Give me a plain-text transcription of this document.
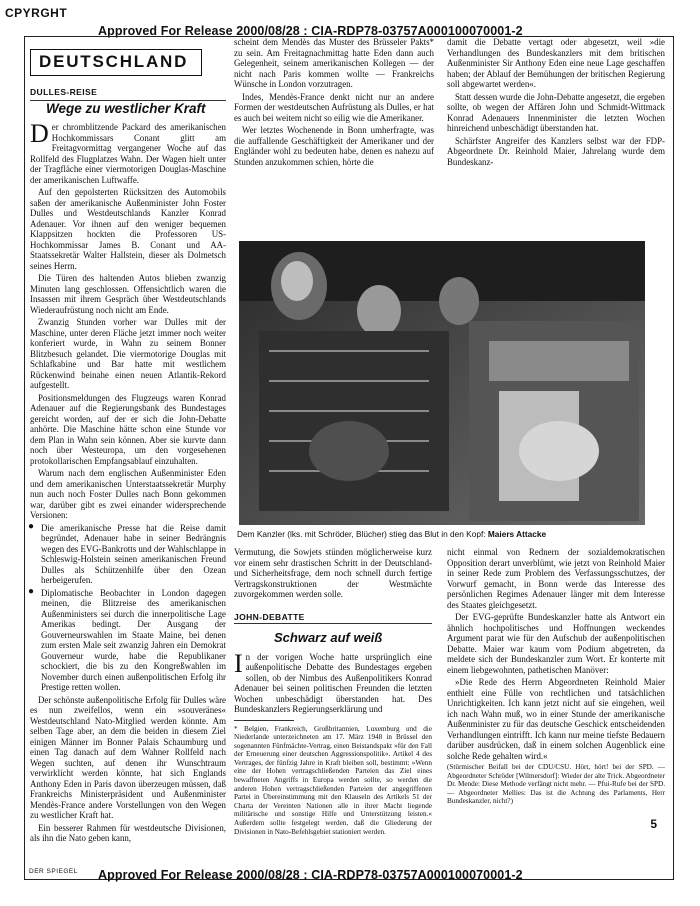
CPYRGHT
Approved For Release 2000/08/28 : CIA-RDP78-03757A000100070001-2
DEUTSCHLAND
DULLES-REISE
Wege zu westlicher Kraft

Der chromblitzende Packard des amerikanischen Hochkommissars Conant glitt am Freitagvormittag vergangener Woche auf das Rollfeld des Flugplatzes Wahn. Der Wagen hielt unter der Tragfläche einer viermotorigen Douglas-Maschine der amerikanischen Luftwaffe.

Auf den gepolsterten Rücksitzen des Automobils saßen der amerikanische Außenminister John Foster Dulles und Westdeutschlands Kanzler Konrad Adenauer. Vor ihnen auf den weniger bequemen Klappsitzen hockten die Professoren US-Hochkommissar James B. Conant und AA-Staatssekretär Walter Hallstein, dieser als Dolmetsch seines Herrn.

Die Türen des haltenden Autos blieben zwanzig Minuten lang geschlossen. Offensichtlich waren die Insassen mit ihrem Gespräch über Westdeutschlands Wiederaufrüstung noch nicht am Ende.

Zwanzig Stunden vorher war Dulles mit der Maschine, unter deren Fläche jetzt immer noch weiter konferiert wurde, in Wahn zu seinem Bonner Blitzbesuch gelandet. Die viermotorige Douglas mit Schlafkabine und Bar hatte mit westlichem Rückenwind beinahe einen neuen Atlantik-Rekord aufgestellt.

Positionsmeldungen des Flugzeugs waren Konrad Adenauer auf die Regierungsbank des Bundestages gereicht worden, auf der er sich die John-Debatte anhörte. Die Maschine hätte schon eine Stunde vor dem Plan in Wahn sein können. Aber sie kurvte dann noch über Westeuropa, um den vorgesehenen protokollarischen Empfangsablauf einzuhalten.

Warum nach dem englischen Außenminister Eden und dem amerikanischen Unterstaatssekretär Murphy nun auch noch Foster Dulles nach Bonn gekommen war, darüber gibt es zwei einander widersprechende Versionen:

● Die amerikanische Presse hat die Reise damit begründet, Adenauer habe in seiner Bedrängnis wegen des EVG-Bankrotts und der Wahlschlappe in Schleswig-Holstein seinen amerikanischen Freund Dulles als Schützenhilfe über den Ozean herbeigerufen.

● Diplomatische Beobachter in London dagegen meinen, die Blitzreise des amerikanischen Außenministers sei durch die innerpolitische Lage Amerikas bedingt. Der Ausgang der Gouverneurswahlen im Staate Maine, bei denen zum ersten Male seit zwanzig Jahren ein Demokrat Gouverneur wurde, habe die Republikaner schockiert, die bis zu den Kongreßwahlen im November durch einen außenpolitischen Erfolg ihr Prestige retten wollen.

Der schönste außenpolitische Erfolg für Dulles wäre es nun zweifellos, wenn ein »souveränes« Westdeutschland Nato-Mitglied werden könnte. Am selben Tage aber, an dem die beiden in diesem Ziel einigen Männer im Bonner Palais Schaumburg und einen Tag danach auf dem Wahner Rollfeld nach Wegen suchten, auf denen ihr Wunschtraum verwirklicht werden könnte, hat sich Englands Anthony Eden in Paris davon überzeugen müssen, daß Frankreichs Ministerpräsident und Außenminister Mendès-France andere Vorstellungen von den Wegen zu westlicher Kraft hat.

Ein besserer Rahmen für westdeutsche Divisionen, als ihn die Nato geben kann,

scheint dem Mendès das Muster des Brüsseler Pakts* zu sein. Am Freitagnachmittag hatte Eden dann auch Gelegenheit, seinem amerikanischen Kollegen — der nicht nach Paris kommen wollte — Frankreichs Wünsche in London vorzutragen.

Indes, Mendès-France denkt nicht nur an andere Formen der westdeutschen Aufrüstung als Dulles, er hat es auch bei weitem nicht so eilig wie die Amerikaner.

Wer letztes Wochenende in Bonn umherfragte, was die auffallende Geschäftigkeit der Amerikaner und der Engländer wohl zu bedeuten habe, denen es nahezu auf Stunden anzukommen schien, hörte die

damit die Debatte vertagt oder abgesetzt, weil »die Verhandlungen des Bundeskanzlers mit dem britischen Außenminister Sir Anthony Eden eine neue Lage geschaffen haben; der Ablauf der Bemühungen der britischen Regierung soll abgewartet werden«.

Statt dessen wurde die John-Debatte angesetzt, die ergeben sollte, ob wegen der Affären John und Schmidt-Wittmack Konrad Adenauers Innenminister die letzten Wochen hinreichend unbeschädigt überstanden hat.

Schärfster Angreifer des Kanzlers selbst war der FDP-Abgeordnete Dr. Reinhold Maier, Jahrelang wurde dem Bundeskanz-

Dem Kanzler (lks. mit Schröder, Blücher) stieg das Blut in den Kopf: Maiers Attacke

Vermutung, die Sowjets stünden möglicherweise kurz vor einem sehr drastischen Schritt in der Deutschland- und Sicherheitsfrage, dem noch schnell durch fertige Vertragskonstruktionen der Westmächte zuvorgekommen werden solle.

JOHN-DEBATTE
Schwarz auf weiß

In der vorigen Woche hatte ursprünglich eine außenpolitische Debatte des Bundestages ergeben sollen, ob der Nimbus des Außenpolitikers Konrad Adenauer bei seinen politischen Freunden die letzten Wochen unbeschädigt überstanden hat. Des Bundeskanzlers Regierungserklärung und

* Belgien, Frankreich, Großbritannien, Luxemburg und die Niederlande unterzeichneten am 17. März 1948 in Brüssel den sogenannten Fünfmächte-Vertrag, einen Beistandspakt »für den Fall der Erneuerung einer deutschen Aggressionspolitik«. Artikel 4 des Vertrages, der fünfzig Jahre in Kraft bleiben soll, bestimmt: »Wenn eine der Hohen vertragschließenden Parteien das Ziel eines bewaffneten Angriffs in Europa werden sollte, so werden die anderen Hohen vertragschließenden Parteien der angegriffenen Partei in Übereinstimmung mit den Klauseln des Artikels 51 der Charta der Vereinten Nationen alle in ihrer Macht liegende militärische und sonstige Hilfe und Unterstützung leisten.« Außerdem sollte festgelegt werden, daß die Gliederung der Divisionen in Nato-Befehlsgebiet stationiert werden.

nicht einmal von Rednern der sozialdemokratischen Opposition derart unverblümt, wie jetzt von Reinhold Maier in seiner Rede zum Problem des Verfassungsschutzes, der Vorwurf gemacht, in Bonn werde das Interesse des persönlichen Regimes Adenauer länger mit dem Interesse des Staates gleichgesetzt.

Der EVG-geprüfte Bundeskanzler hatte als Antwort ein ähnlich hochpolitisches und Hoffnungen weckendes Argument parat wie für den Aufschub der außenpolitischen Debatte. Maier war kaum vom Podium abgetreten, da meldete sich der Bundeskanzler zum Wort. Er konterte mit einem liebgewohnten, pathetischen Manöver:

»Die Rede des Herrn Abgeordneten Reinhold Maier enthielt eine Fülle von rechtlichen und tatsächlichen Unrichtigkeiten. Ich kann jetzt nicht auf sie eingehen, weil ich nach Wahn muß, wo in einer Stunde der amerikanische Außenminister zu für das deutsche Geschick entscheidenden Verhandlungen eintrifft. Ich kann nur meine tiefste Bedauern darüber ausdrücken, daß in einem solchen Augenblick eine solche Rede gehalten wird.«

(Stürmischer Beifall bei der CDU/CSU. Hört, hört! bei der SPD. — Abgeordneter Schröder [Wilmersdorf]: Wieder der alte Trick. Abgeordneter Dr. Mende: Diese Methode verfängt nicht mehr. — Pfui-Rufe bei der SPD. — Abgeordneter Mellies: Das ist die Achtung des Parlaments, Herr Bundeskanzler, nicht?)

5
DER SPIEGEL Approved For Release 2000/08/28 : CIA-RDP78-03757A000100070001-2
